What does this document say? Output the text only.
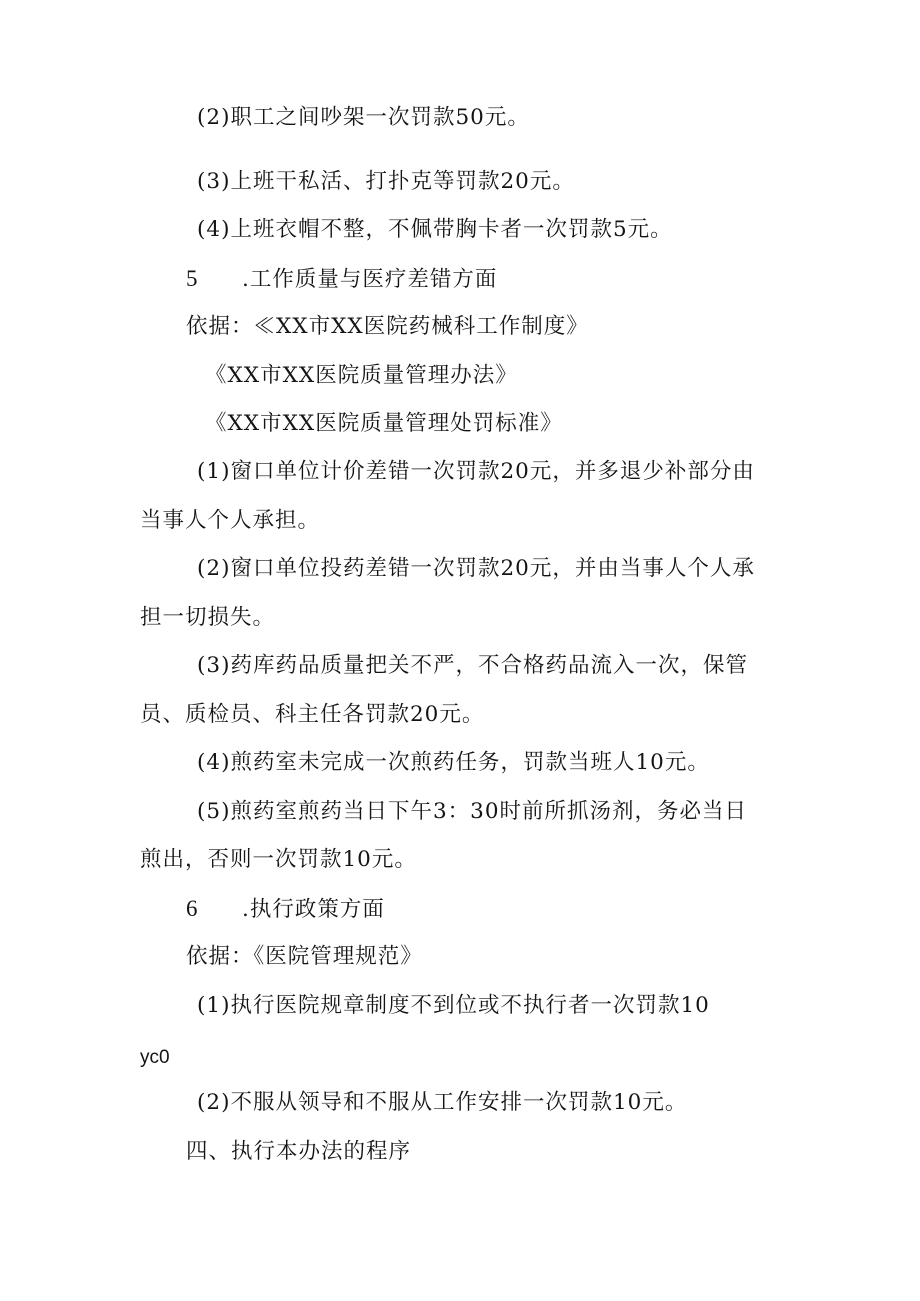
(2)职工之间吵架一次罚款50元。
(3)上班干私活、打扑克等罚款20元。
(4)上班衣帽不整，不佩带胸卡者一次罚款5元。
5 .工作质量与医疗差错方面
依据：≪XX市XX医院药械科工作制度》
《XX市XX医院质量管理办法》
《XX市XX医院质量管理处罚标准》
(1)窗口单位计价差错一次罚款20元，并多退少补部分由
当事人个人承担。
(2)窗口单位投药差错一次罚款20元，并由当事人个人承
担一切损失。
(3)药库药品质量把关不严，不合格药品流入一次，保管
员、质检员、科主任各罚款20元。
(4)煎药室未完成一次煎药任务，罚款当班人10元。
(5)煎药室煎药当日下午3：30时前所抓汤剂，务必当日
煎出，否则一次罚款10元。
6 .执行政策方面
依据：《医院管理规范》
(1)执行医院规章制度不到位或不执行者一次罚款10
yc0
(2)不服从领导和不服从工作安排一次罚款10元。
四、执行本办法的程序
